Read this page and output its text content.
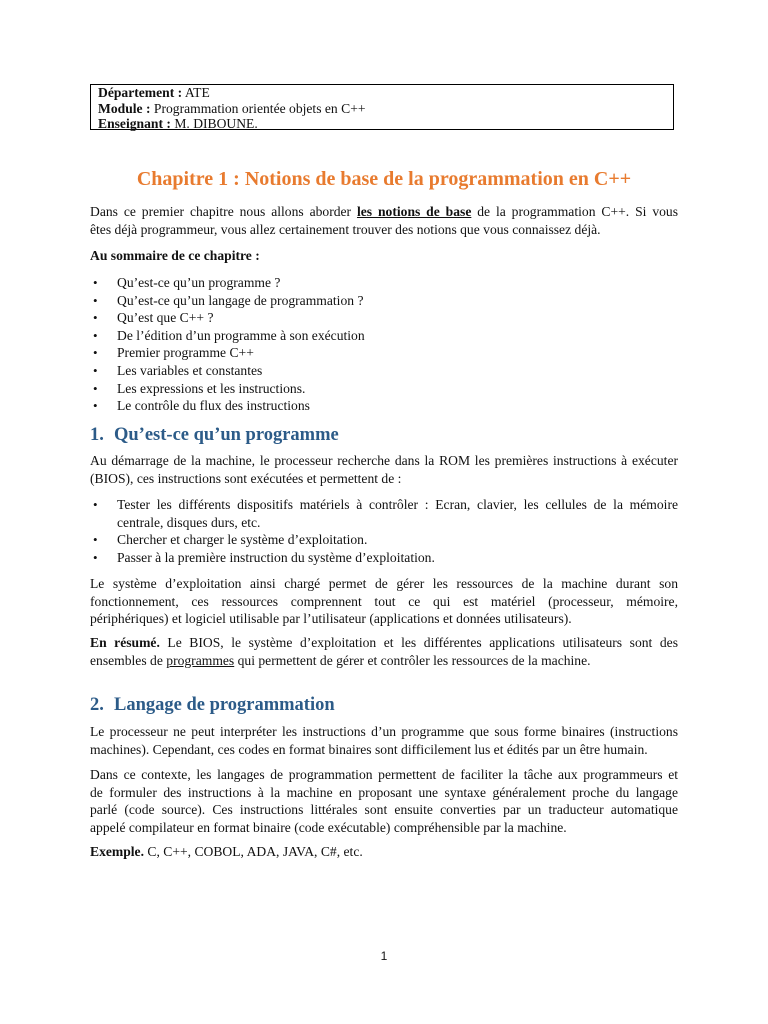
Département : ATE
Module : Programmation orientée objets en C++
Enseignant : M. DIBOUNE.
Chapitre 1 : Notions de base de la programmation en C++
Dans ce premier chapitre nous allons aborder les notions de base de la programmation C++. Si vous
êtes déjà programmeur, vous allez certainement trouver des notions que vous connaissez déjà.
Au sommaire de ce chapitre :
• Qu’est-ce qu’un programme ?
• Qu’est-ce qu’un langage de programmation ?
• Qu’est que C++ ?
• De l’édition d’un programme à son exécution
• Premier programme C++
• Les variables et constantes
• Les expressions et les instructions.
• Le contrôle du flux des instructions
1. Qu’est-ce qu’un programme
Au démarrage de la machine, le processeur recherche dans la ROM les premières instructions à exécuter
(BIOS), ces instructions sont exécutées et permettent de :
• Tester les différents dispositifs matériels à contrôler : Ecran, clavier, les cellules de la mémoire
centrale, disques durs, etc.
• Chercher et charger le système d’exploitation.
• Passer à la première instruction du système d’exploitation.
Le système d’exploitation ainsi chargé permet de gérer les ressources de la machine durant son
fonctionnement, ces ressources comprennent tout ce qui est matériel (processeur, mémoire,
périphériques) et logiciel utilisable par l’utilisateur (applications et données utilisateurs).
En résumé. Le BIOS, le système d’exploitation et les différentes applications utilisateurs sont des
ensembles de programmes qui permettent de gérer et contrôler les ressources de la machine.
2. Langage de programmation
Le processeur ne peut interpréter les instructions d’un programme que sous forme binaires (instructions
machines). Cependant, ces codes en format binaires sont difficilement lus et édités par un être humain.
Dans ce contexte, les langages de programmation permettent de faciliter la tâche aux programmeurs et
de formuler des instructions à la machine en proposant une syntaxe généralement proche du langage
parlé (code source). Ces instructions littérales sont ensuite converties par un traducteur automatique
appelé compilateur en format binaire (code exécutable) compréhensible par la machine.
Exemple. C, C++, COBOL, ADA, JAVA, C#, etc.
1
